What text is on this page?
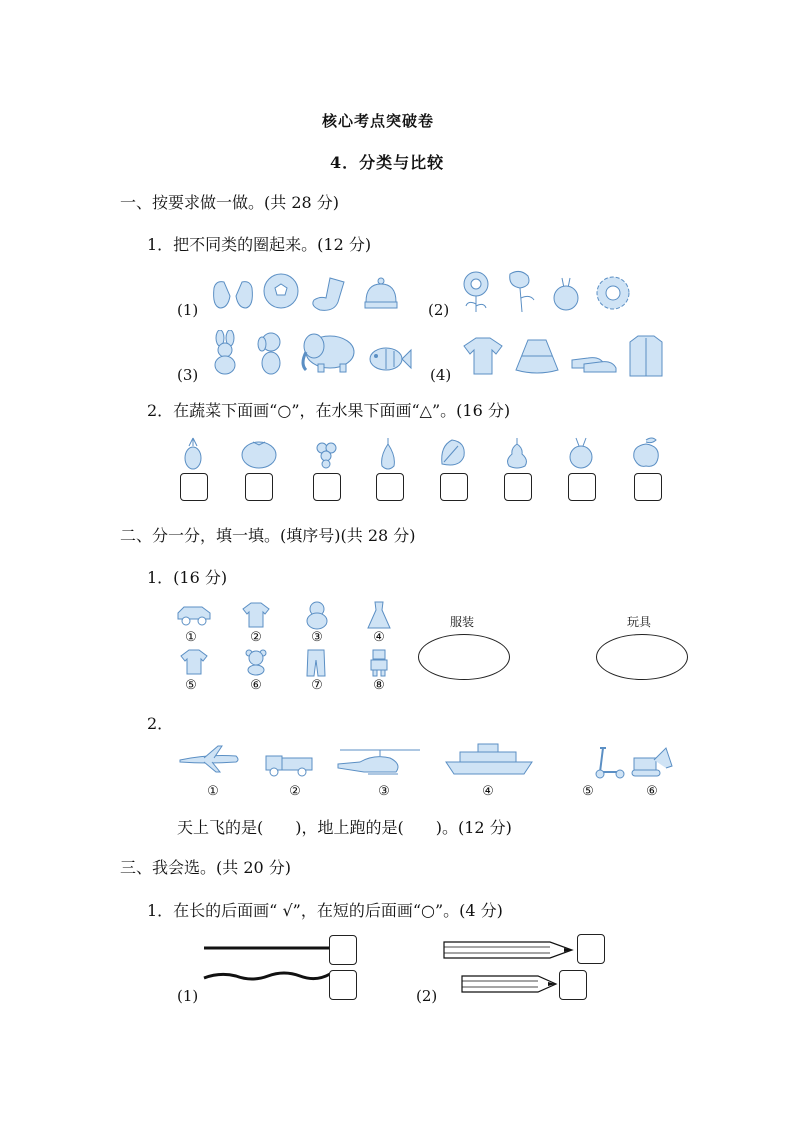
核心考点突破卷
4．分类与比较
一、按要求做一做。(共 28 分)
1．把不同类的圈起来。(12 分)
(1)	(2)
(3)	(4)
2．在蔬菜下面画“○”，在水果下面画“△”。(16 分)
二、分一分，填一填。(填序号)(共 28 分)
1．(16 分)
①	②	③	④
⑤	⑥	⑦	⑧
服装	玩具
2．
①	②	③	④	⑤	⑥
天上飞的是(　　)，地上跑的是(　　)。(12 分)
三、我会选。(共 20 分)
1．在长的后面画“ √”，在短的后面画“○”。(4 分)
(1)	(2)
